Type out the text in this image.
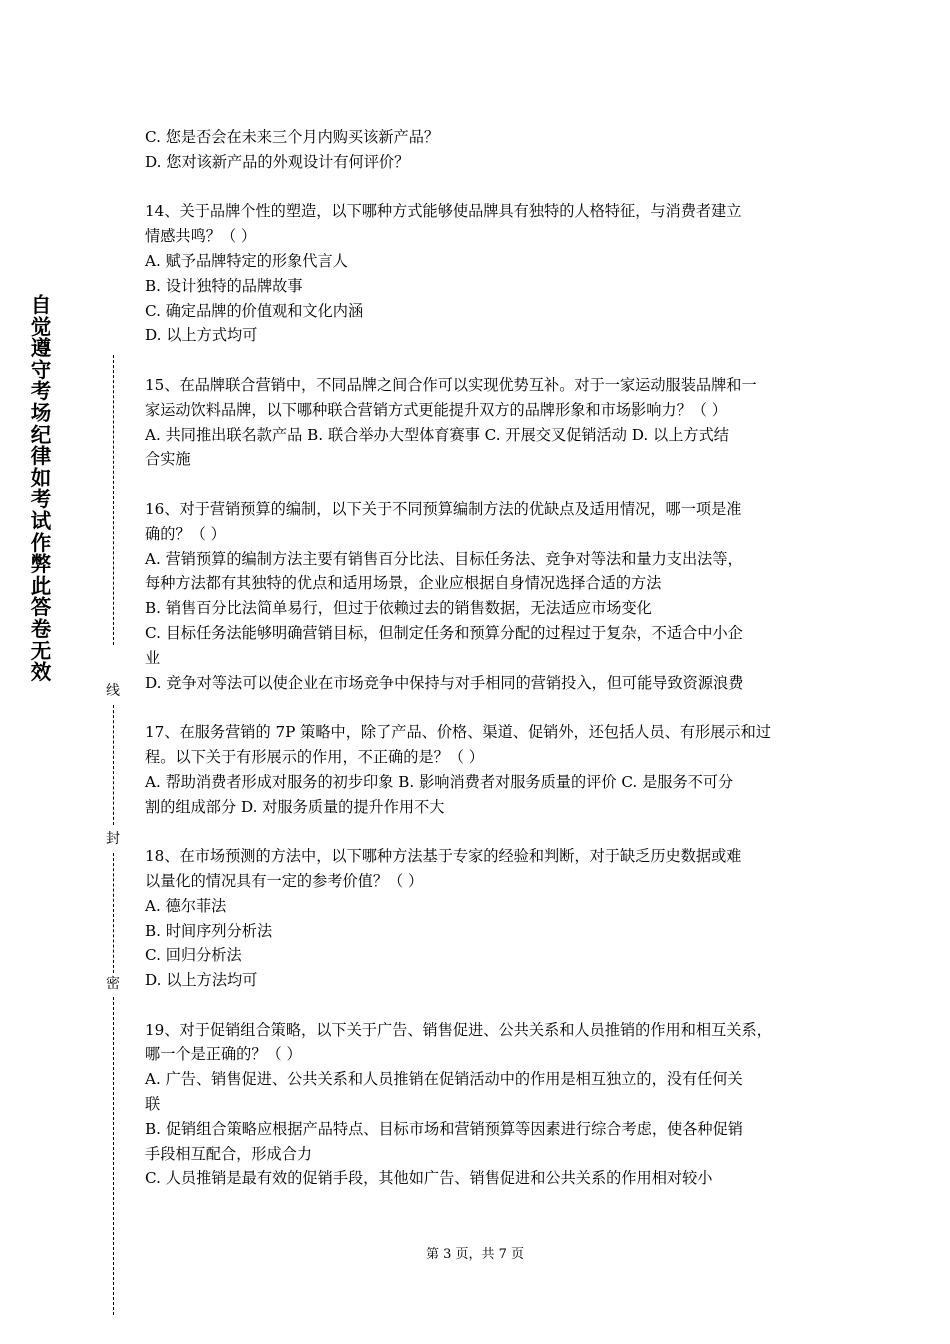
自觉遵守考场纪律如考试作弊此答卷无效
线
封
密
C. 您是否会在未来三个月内购买该新产品？
D. 您对该新产品的外观设计有何评价？
14、关于品牌个性的塑造，以下哪种方式能够使品牌具有独特的人格特征，与消费者建立
情感共鸣？（ ）
A. 赋予品牌特定的形象代言人
B. 设计独特的品牌故事
C. 确定品牌的价值观和文化内涵
D. 以上方式均可
15、在品牌联合营销中，不同品牌之间合作可以实现优势互补。对于一家运动服装品牌和一
家运动饮料品牌，以下哪种联合营销方式更能提升双方的品牌形象和市场影响力？（ ）
A. 共同推出联名款产品 B. 联合举办大型体育赛事 C. 开展交叉促销活动 D. 以上方式结
合实施
16、对于营销预算的编制，以下关于不同预算编制方法的优缺点及适用情况，哪一项是准
确的？（ ）
A. 营销预算的编制方法主要有销售百分比法、目标任务法、竞争对等法和量力支出法等，
每种方法都有其独特的优点和适用场景，企业应根据自身情况选择合适的方法
B. 销售百分比法简单易行，但过于依赖过去的销售数据，无法适应市场变化
C. 目标任务法能够明确营销目标，但制定任务和预算分配的过程过于复杂，不适合中小企
业
D. 竞争对等法可以使企业在市场竞争中保持与对手相同的营销投入，但可能导致资源浪费
17、在服务营销的 7P 策略中，除了产品、价格、渠道、促销外，还包括人员、有形展示和过
程。以下关于有形展示的作用，不正确的是？（ ）
A. 帮助消费者形成对服务的初步印象 B. 影响消费者对服务质量的评价 C. 是服务不可分
割的组成部分 D. 对服务质量的提升作用不大
18、在市场预测的方法中，以下哪种方法基于专家的经验和判断，对于缺乏历史数据或难
以量化的情况具有一定的参考价值？（ ）
A. 德尔菲法
B. 时间序列分析法
C. 回归分析法
D. 以上方法均可
19、对于促销组合策略，以下关于广告、销售促进、公共关系和人员推销的作用和相互关系，
哪一个是正确的？（ ）
A. 广告、销售促进、公共关系和人员推销在促销活动中的作用是相互独立的，没有任何关
联
B. 促销组合策略应根据产品特点、目标市场和营销预算等因素进行综合考虑，使各种促销
手段相互配合，形成合力
C. 人员推销是最有效的促销手段，其他如广告、销售促进和公共关系的作用相对较小
第 3 页，共 7 页
